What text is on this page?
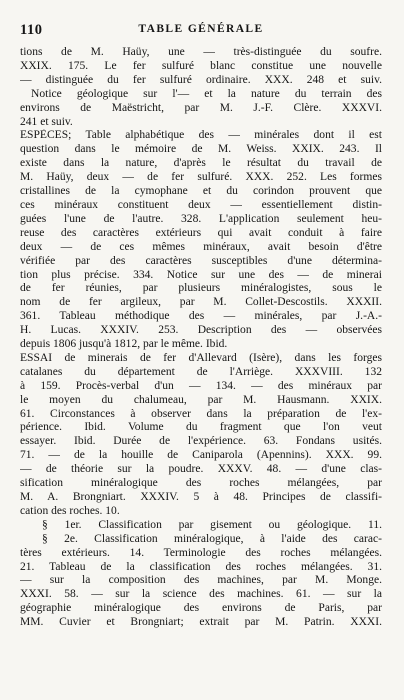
110	TABLE GÉNÉRALE
tions de M. Haüy, une — très-distinguée du soufre.
XXIX. 175. Le fer sulfuré blanc constitue une nouvelle
— distinguée du fer sulfuré ordinaire. XXX. 248 et suiv.
Notice géologique sur l'— et la nature du terrain des
environs de Maëstricht, par M. J.-F. Clère. XXXVI.
241 et suiv.
ESPÈCES; Table alphabétique des — minérales dont il est
question dans le mémoire de M. Weiss. XXIX. 243. Il
existe dans la nature, d'après le résultat du travail de
M. Haüy, deux — de fer sulfuré. XXX. 252. Les formes
cristallines de la cymophane et du corindon prouvent que
ces minéraux constituent deux — essentiellement distin-
guées l'une de l'autre. 328. L'application seulement heu-
reuse des caractères extérieurs qui avait conduit à faire
deux — de ces mêmes minéraux, avait besoin d'être
vérifiée par des caractères susceptibles d'une détermina-
tion plus précise. 334. Notice sur une des — de minerai
de fer réunies, par plusieurs minéralogistes, sous le
nom de fer argileux, par M. Collet-Descostils. XXXII.
361. Tableau méthodique des — minérales, par J.-A.-
H. Lucas. XXXIV. 253. Description des — observées
depuis 1806 jusqu'à 1812, par le même. Ibid.
ESSAI de minerais de fer d'Allevard (Isère), dans les forges
catalanes du département de l'Arriège. XXXVIII. 132
à 159. Procès-verbal d'un — 134. — des minéraux par
le moyen du chalumeau, par M. Hausmann. XXIX.
61. Circonstances à observer dans la préparation de l'ex-
périence. Ibid. Volume du fragment que l'on veut
essayer. Ibid. Durée de l'expérience. 63. Fondans usités.
71. — de la houille de Caniparola (Apennins). XXX. 99.
— de théorie sur la poudre. XXXV. 48. — d'une clas-
sification minéralogique des roches mélangées, par
M. A. Brongniart. XXXIV. 5 à 48. Principes de classifi-
cation des roches. 10.
§ 1er. Classification par gisement ou géologique. 11.
§ 2e. Classification minéralogique, à l'aide des carac-
tères extérieurs. 14. Terminologie des roches mélangées.
21. Tableau de la classification des roches mélangées. 31.
— sur la composition des machines, par M. Monge.
XXXI. 58. — sur la science des machines. 61. — sur la
géographie minéralogique des environs de Paris, par
MM. Cuvier et Brongniart; extrait par M. Patrin. XXXI.
